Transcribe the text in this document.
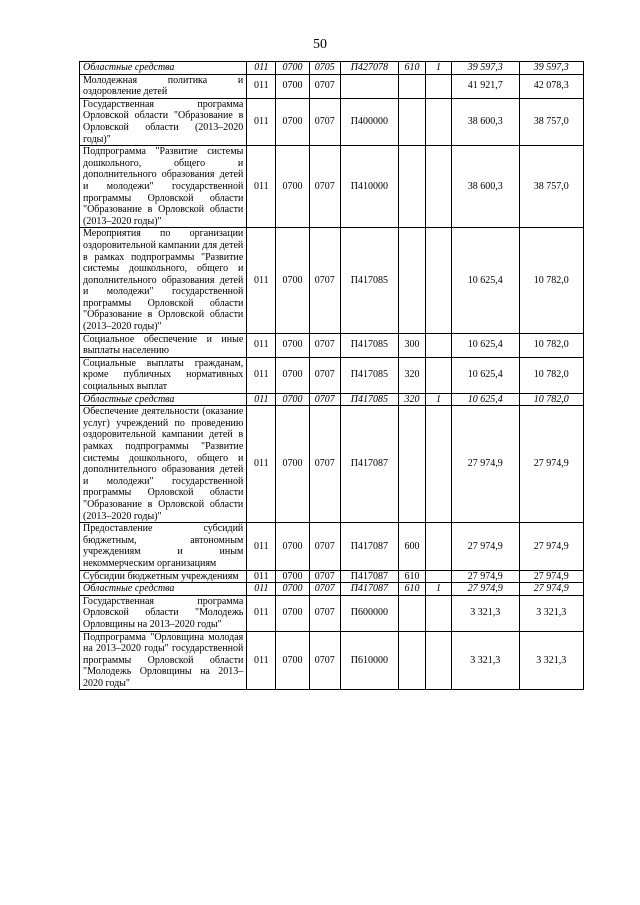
50
Областные средства	011	0700	0705	П427078	610	1	39 597,3	39 597,3
Молодежная политика и оздоровление детей	011	0700	0707				41 921,7	42 078,3
Государственная программа Орловской области "Образование в Орловской области (2013–2020 годы)"	011	0700	0707	П400000			38 600,3	38 757,0
Подпрограмма "Развитие системы дошкольного, общего и дополнительного образования детей и молодежи" государственной программы Орловской области "Образование в Орловской области (2013–2020 годы)"	011	0700	0707	П410000			38 600,3	38 757,0
Мероприятия по организации оздоровительной кампании для детей в рамках подпрограммы "Развитие системы дошкольного, общего и дополнительного образования детей и молодежи" государственной программы Орловской области "Образование в Орловской области (2013–2020 годы)"	011	0700	0707	П417085			10 625,4	10 782,0
Социальное обеспечение и иные выплаты населению	011	0700	0707	П417085	300		10 625,4	10 782,0
Социальные выплаты гражданам, кроме публичных нормативных социальных выплат	011	0700	0707	П417085	320		10 625,4	10 782,0
Областные средства	011	0700	0707	П417085	320	1	10 625,4	10 782,0
Обеспечение деятельности (оказание услуг) учреждений по проведению оздоровительной кампании детей в рамках подпрограммы "Развитие системы дошкольного, общего и дополнительного образования детей и молодежи" государственной программы Орловской области "Образование в Орловской области (2013–2020 годы)"	011	0700	0707	П417087			27 974,9	27 974,9
Предоставление субсидий бюджетным, автономным учреждениям и иным некоммерческим организациям	011	0700	0707	П417087	600		27 974,9	27 974,9
Субсидии бюджетным учреждениям	011	0700	0707	П417087	610		27 974,9	27 974,9
Областные средства	011	0700	0707	П417087	610	1	27 974,9	27 974,9
Государственная программа Орловской области "Молодежь Орловщины на 2013–2020 годы"	011	0700	0707	П600000			3 321,3	3 321,3
Подпрограмма "Орловщина молодая на 2013–2020 годы" государственной программы Орловской области "Молодежь Орловщины на 2013–2020 годы"	011	0700	0707	П610000			3 321,3	3 321,3
